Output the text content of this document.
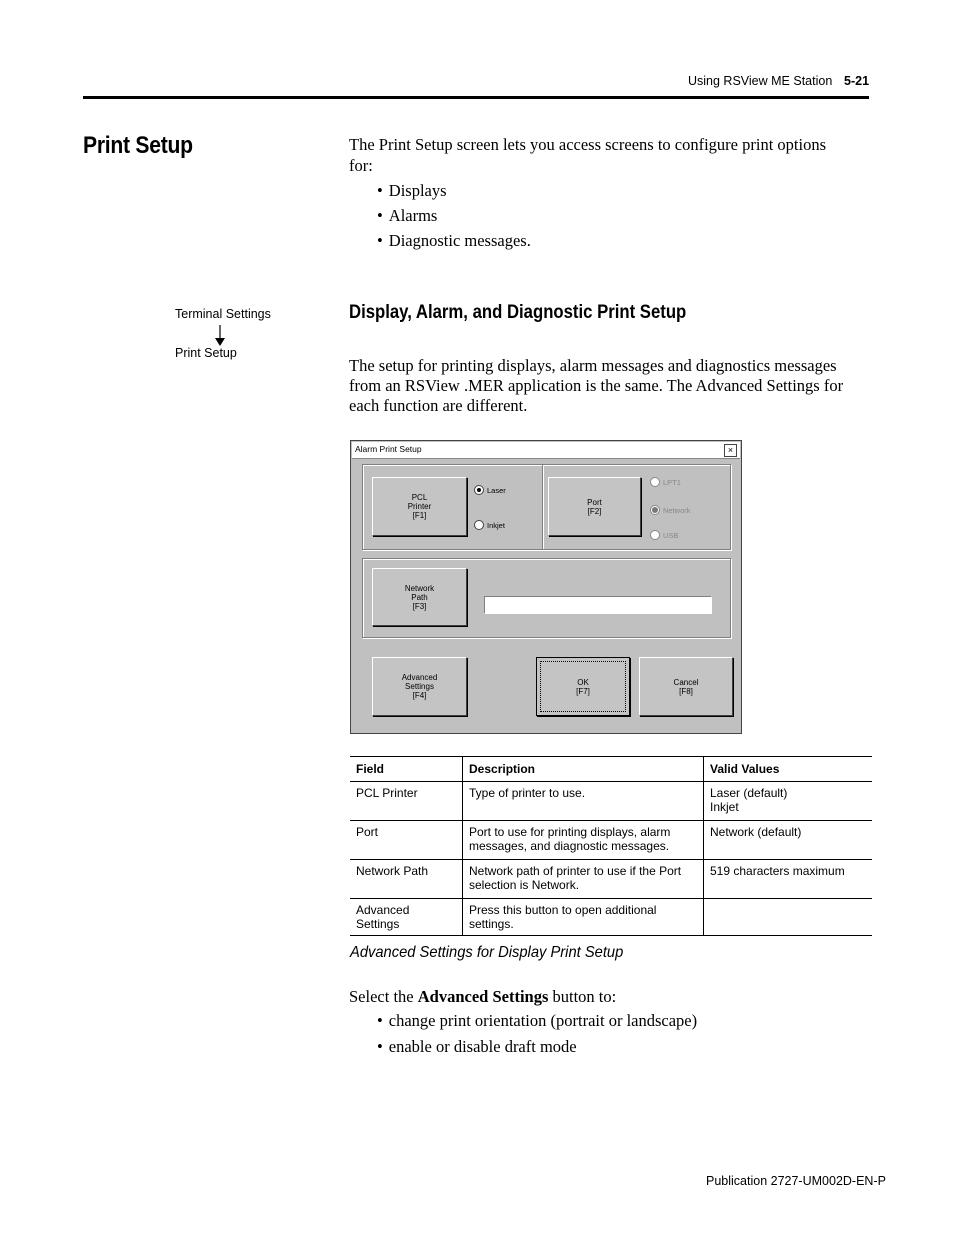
Using RSView ME Station 5-21
Print Setup	The Print Setup screen lets you access screens to configure print options for:
• Displays
• Alarms
• Diagnostic messages.
Terminal Settings
Print Setup
Display, Alarm, and Diagnostic Print Setup
The setup for printing displays, alarm messages and diagnostics messages from an RSView .MER application is the same. The Advanced Settings for each function are different.
Alarm Print Setup	×
PCL
Printer
[F1]
Laser
Inkjet
Port
[F2]
LPT1
Network
USB
Network
Path
[F3]
Advanced
Settings
[F4]
OK
[F7]
Cancel
[F8]
Field	Description	Valid Values
PCL Printer	Type of printer to use.	Laser (default)
Inkjet
Port	Port to use for printing displays, alarm
messages, and diagnostic messages.	Network (default)
Network Path	Network path of printer to use if the Port
selection is Network.	519 characters maximum
Advanced Settings	Press this button to open additional settings.	
Advanced Settings for Display Print Setup
Select the Advanced Settings button to:
• change print orientation (portrait or landscape)
• enable or disable draft mode
Publication 2727-UM002D-EN-P
